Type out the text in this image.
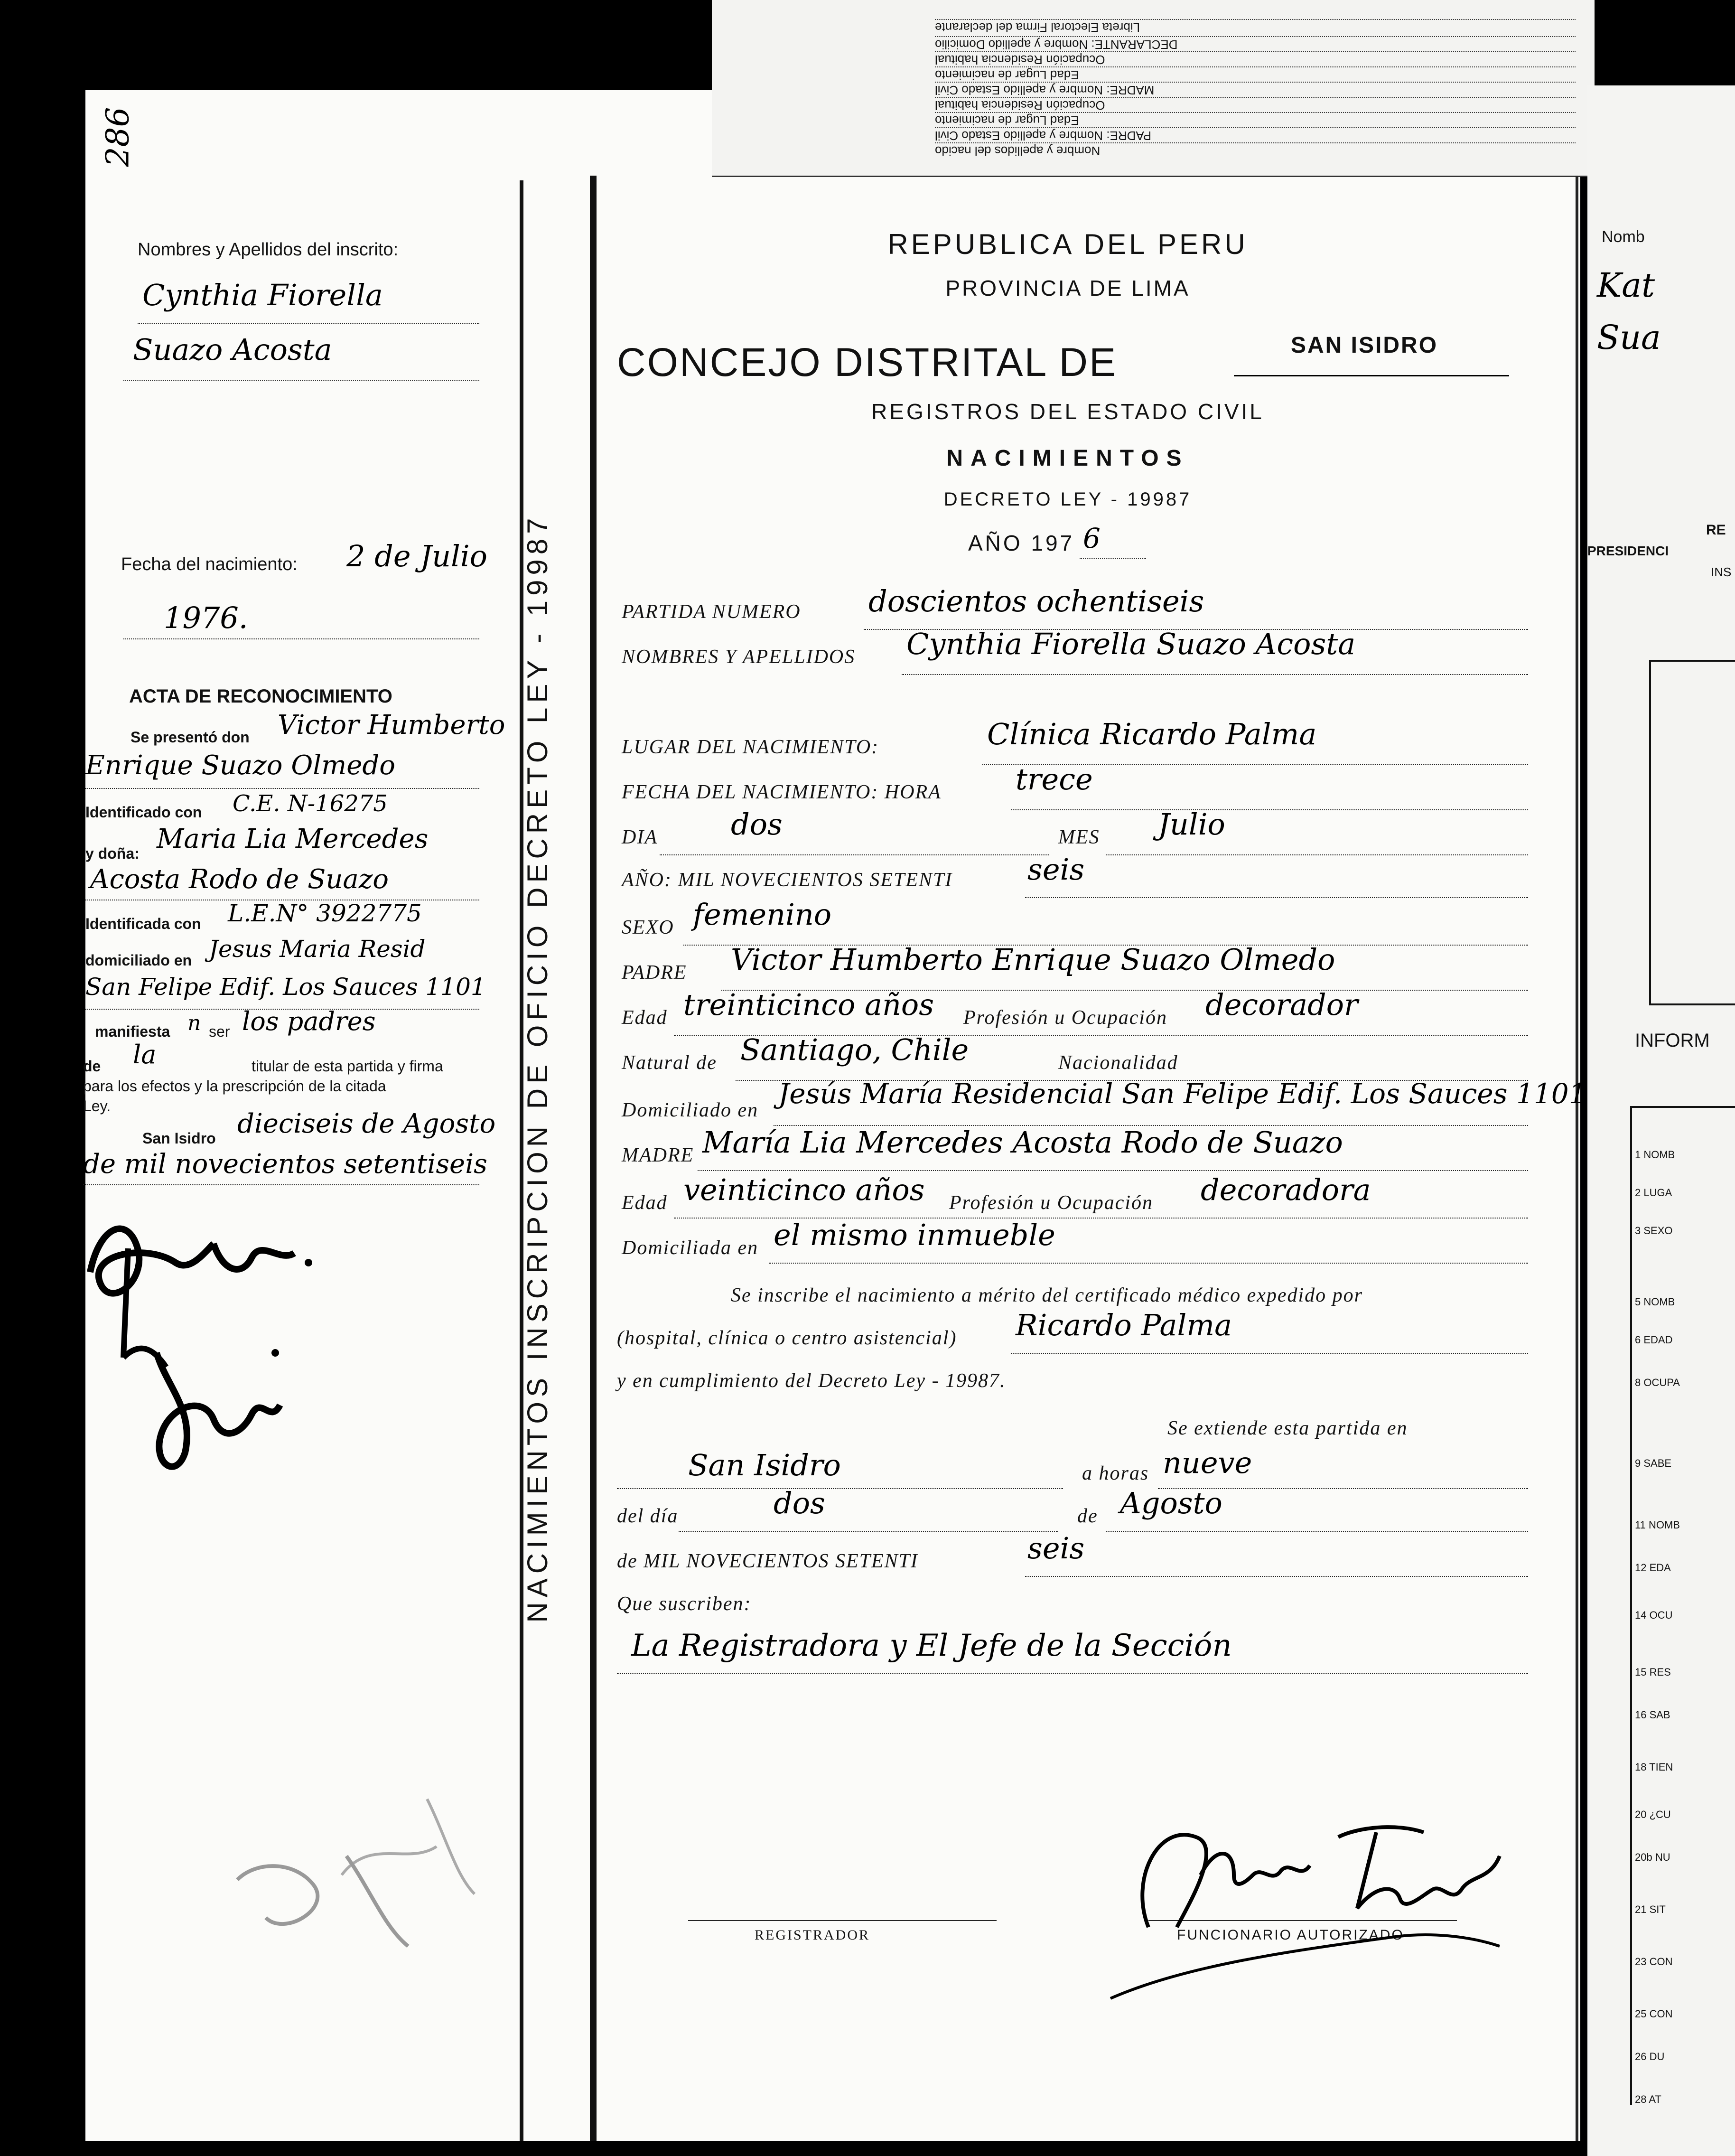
Nombre y apellidos del nacido
PADRE: Nombre y apellido Estado Civil
Edad Lugar de nacimiento
Ocupación Residencia habitual
MADRE: Nombre y apellido Estado Civil
Edad Lugar de nacimiento
Ocupación Residencia habitual
DECLARANTE: Nombre y apellido Domicilio
Libreta Electoral Firma del declarante
Nomb
Kat
Sua
RE
PRESIDENCI
INS
INFORM
1 NOMB
2 LUGA
3 SEXO
5 NOMB
6 EDAD
8 OCUPA
9 SABE
11 NOMB
12 EDA
14 OCU
15 RES
16 SAB
18 TIEN
20 ¿CU
20b NU
21 SIT
23 CON
25 CON
26 DU
28 AT
NACIMIENTOS INSCRIPCION DE OFICIO DECRETO LEY - 19987
286
Nombres y Apellidos del inscrito:
Cynthia Fiorella
Suazo Acosta
Fecha del nacimiento: 2 de Julio
1976.
ACTA DE RECONOCIMIENTO
Se presentó don Victor Humberto
Enrique Suazo Olmedo
Identificado con C.E. N-16275
y doña: Maria Lia Mercedes
Acosta Rodo de Suazo
Identificada con L.E.N° 3922775
domiciliado en Jesus Maria Resid
San Felipe Edif. Los Sauces 1101
manifiesta n ser los padres
de la	titular de esta partida y firma
para los efectos y la prescripción de la citada
Ley.
San Isidro dieciseis de Agosto
de mil novecientos setentiseis
REPUBLICA DEL PERU
PROVINCIA DE LIMA
CONCEJO DISTRITAL DE	SAN ISIDRO
REGISTROS DEL ESTADO CIVIL
NACIMIENTOS
DECRETO LEY - 19987
AÑO 197 6
PARTIDA NUMERO doscientos ochentiseis
NOMBRES Y APELLIDOS Cynthia Fiorella Suazo Acosta
LUGAR DEL NACIMIENTO:	Clínica Ricardo Palma
FECHA DEL NACIMIENTO: HORA	trece
DIA dos	MES Julio
AÑO: MIL NOVECIENTOS SETENTI	seis
SEXO femenino
PADRE Victor Humberto Enrique Suazo Olmedo
Edad treinticinco años Profesión u Ocupación decorador
Natural de Santiago, Chile	Nacionalidad
Domiciliado en
Jesús María Residencial San Felipe Edif. Los Sauces 1101
MADRE María Lia Mercedes Acosta Rodo de Suazo
Edad veinticinco años Profesión u Ocupación decoradora
Domiciliada en el mismo inmueble
Se inscribe el nacimiento a mérito del certificado médico expedido por
(hospital, clínica o centro asistencial) Ricardo Palma
y en cumplimiento del Decreto Ley - 19987.
Se extiende esta partida en
San Isidro	a horas nueve
del día	dos	de Agosto
de MIL NOVECIENTOS SETENTI	seis
Que suscriben:
La Registradora y El Jefe de la Sección
REGISTRADOR	FUNCIONARIO AUTORIZADO
